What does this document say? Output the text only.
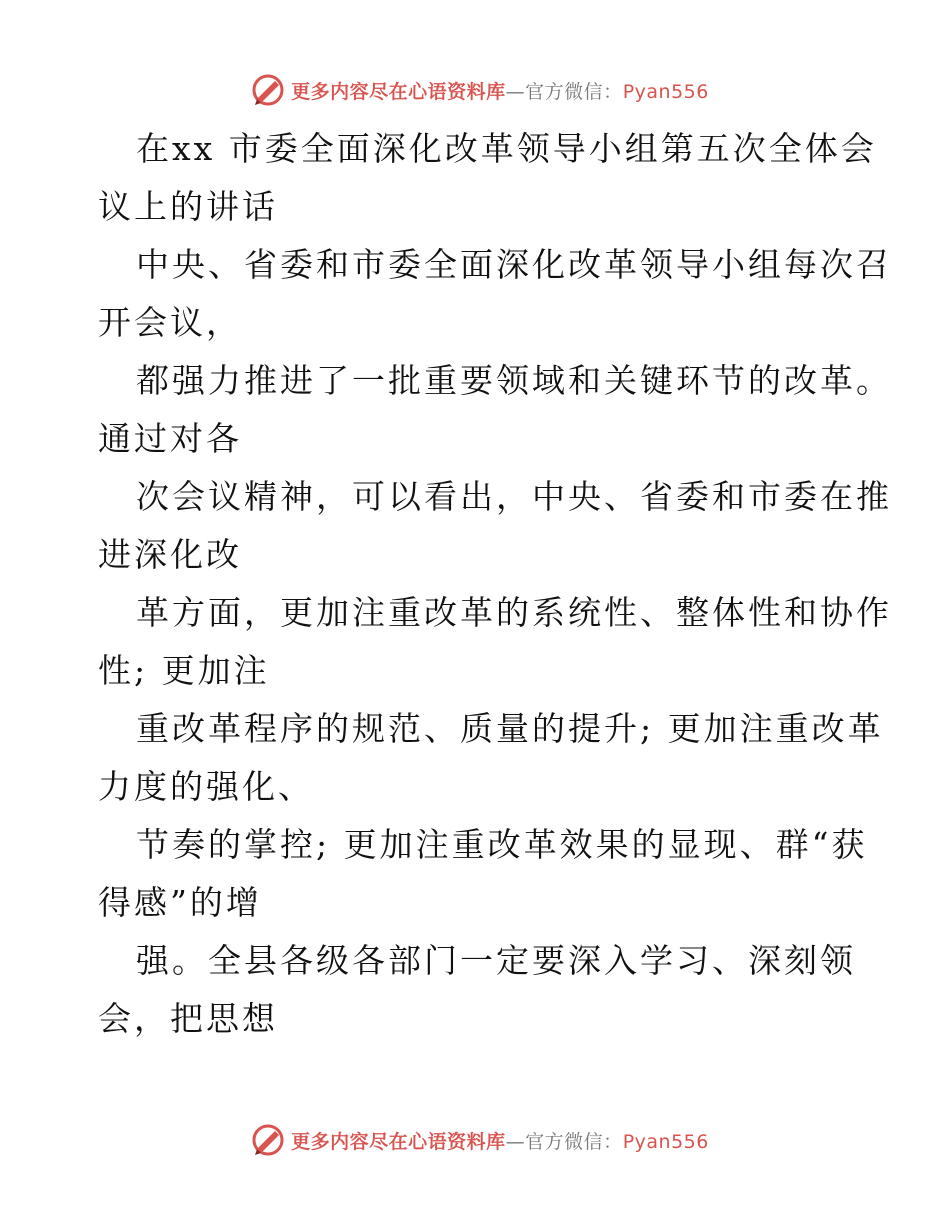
更多内容尽在心语资料库—官方微信：Pyan556
在xx 市委全面深化改革领导小组第五次全体会
议上的讲话
中央、省委和市委全面深化改革领导小组每次召
开会议，
都强力推进了一批重要领域和关键环节的改革。
通过对各
次会议精神，可以看出，中央、省委和市委在推
进深化改
革方面，更加注重改革的系统性、整体性和协作
性; 更加注
重改革程序的规范、质量的提升; 更加注重改革
力度的强化、
节奏的掌控; 更加注重改革效果的显现、群“获
得感”的增
强。全县各级各部门一定要深入学习、深刻领
会，把思想
更多内容尽在心语资料库—官方微信：Pyan556
